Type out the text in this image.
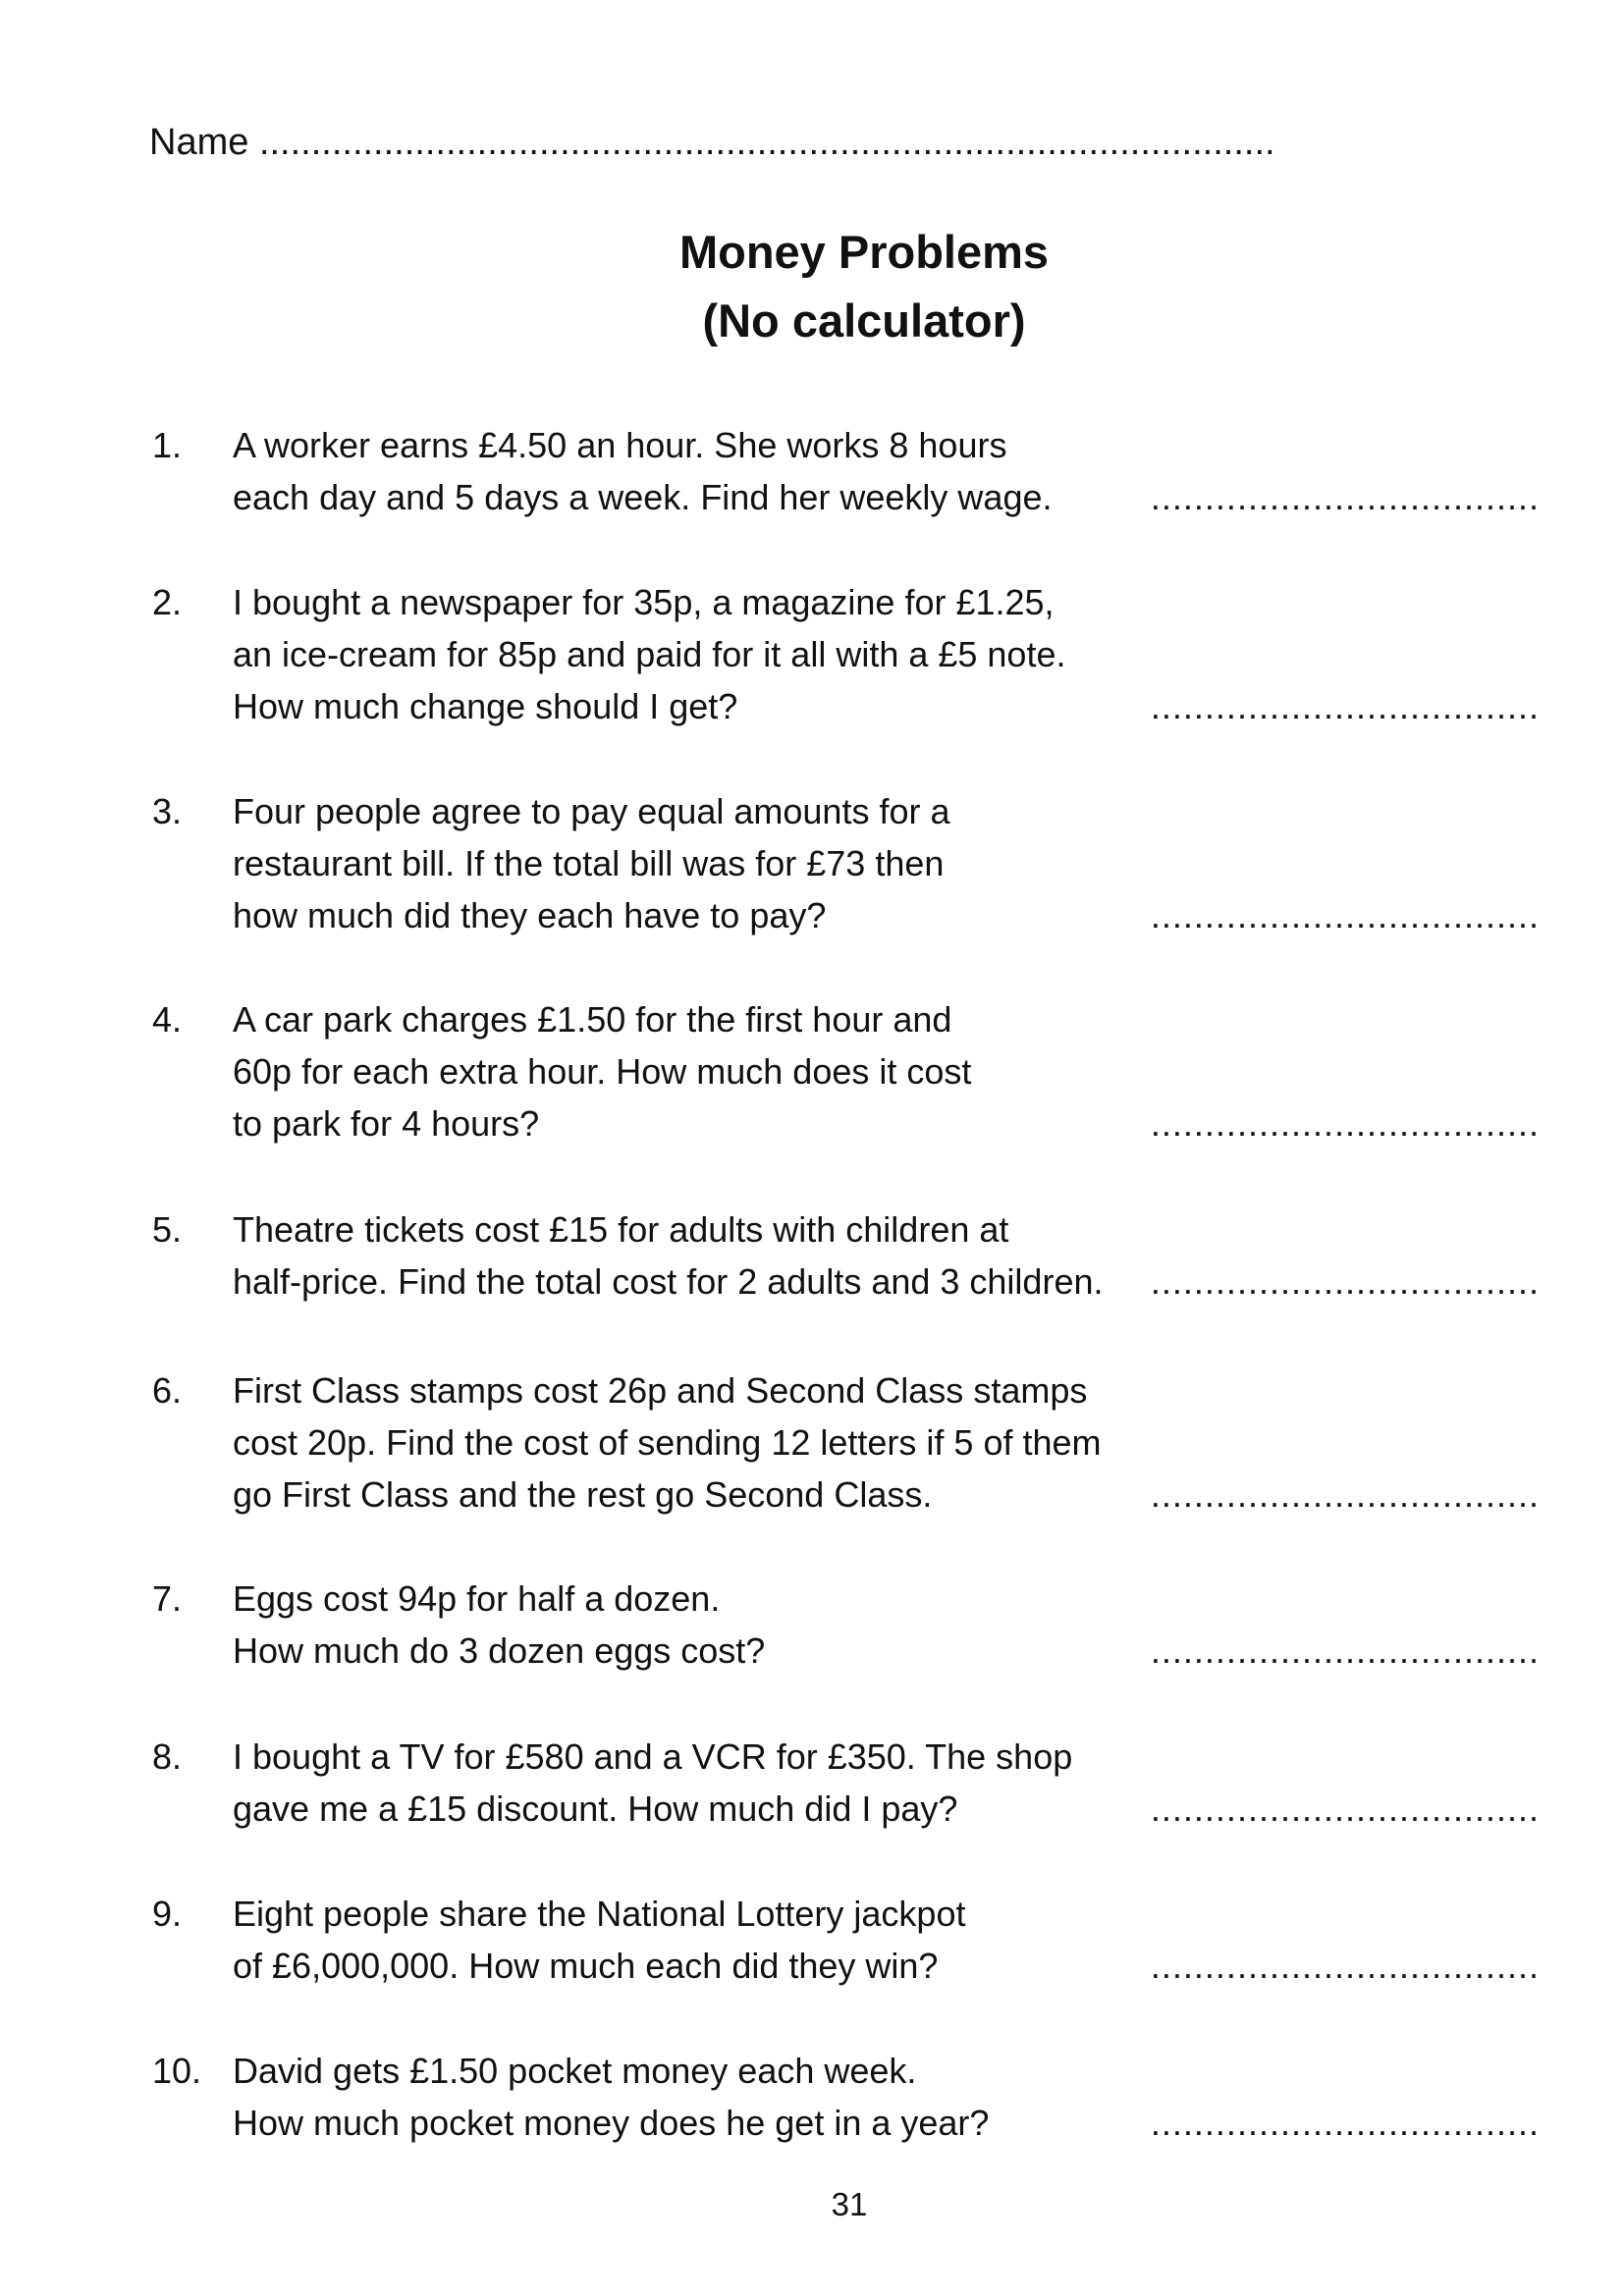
Name ..................................................................................................
Money Problems
(No calculator)
1. A worker earns £4.50 an hour. She works 8 hours
each day and 5 days a week. Find her weekly wage.	....................................
2. I bought a newspaper for 35p, a magazine for £1.25,
an ice-cream for 85p and paid for it all with a £5 note.
How much change should I get?	....................................
3. Four people agree to pay equal amounts for a
restaurant bill. If the total bill was for £73 then
how much did they each have to pay?	....................................
4. A car park charges £1.50 for the first hour and
60p for each extra hour. How much does it cost
to park for 4 hours?	....................................
5. Theatre tickets cost £15 for adults with children at
half-price. Find the total cost for 2 adults and 3 children.	....................................
6. First Class stamps cost 26p and Second Class stamps
cost 20p. Find the cost of sending 12 letters if 5 of them
go First Class and the rest go Second Class.	....................................
7. Eggs cost 94p for half a dozen.
How much do 3 dozen eggs cost?	....................................
8. I bought a TV for £580 and a VCR for £350. The shop
gave me a £15 discount. How much did I pay?	....................................
9. Eight people share the National Lottery jackpot
of £6,000,000. How much each did they win?	....................................
10. David gets £1.50 pocket money each week.
How much pocket money does he get in a year?	....................................
31
